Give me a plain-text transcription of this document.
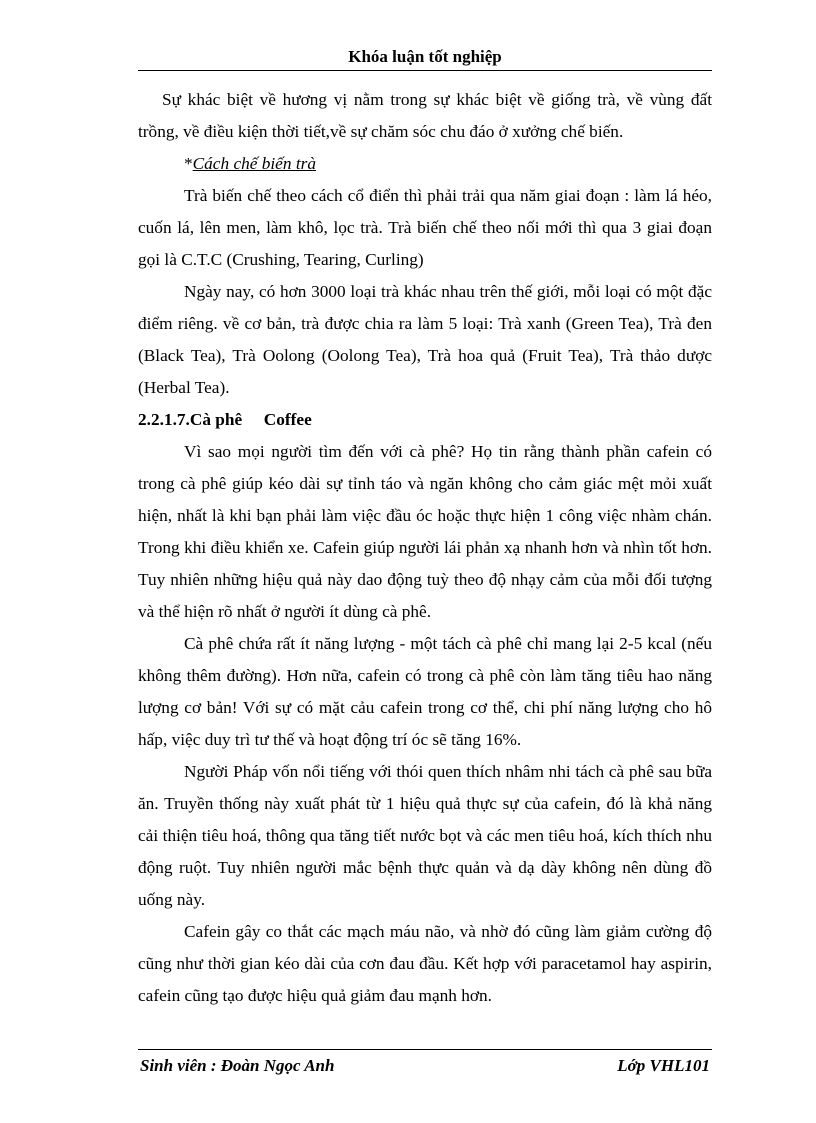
Khóa luận tốt nghiệp

Sự khác biệt về hương vị nằm trong sự khác biệt về giống trà, về vùng đất trồng, về điều kiện thời tiết,về sự chăm sóc chu đáo ở xưởng chế biến.

*Cách chế biến trà

Trà biến chế theo cách cổ điển thì phải trải qua năm giai đoạn : làm lá héo, cuốn lá, lên men, làm khô, lọc trà. Trà biến chế theo nối mới thì qua 3 giai đoạn gọi là C.T.C (Crushing, Tearing, Curling)

Ngày nay, có hơn 3000 loại trà khác nhau trên thế giới, mỗi loại có một đặc điểm riêng. về cơ bản, trà được chia ra làm 5 loại: Trà xanh (Green Tea), Trà đen (Black Tea), Trà Oolong (Oolong Tea), Trà hoa quả (Fruit Tea), Trà thảo dược (Herbal Tea).

2.2.1.7.Cà phê     Coffee

Vì sao mọi người tìm đến với cà phê? Họ tin rằng thành phần cafein có trong cà phê giúp kéo dài sự tỉnh táo và ngăn không cho cảm giác mệt mỏi xuất hiện, nhất là khi bạn phải làm việc đầu óc hoặc thực hiện 1 công việc nhàm chán. Trong khi điều khiển xe. Cafein giúp người lái phản xạ nhanh hơn và nhìn tốt hơn. Tuy nhiên những hiệu quả này dao động tuỳ theo độ nhạy cảm của mỗi đối tượng và thể hiện rõ nhất ở người ít dùng cà phê.

Cà phê chứa rất ít năng lượng - một tách cà phê chỉ mang lại 2-5 kcal (nếu không thêm đường). Hơn nữa, cafein có trong cà phê còn làm tăng tiêu hao năng lượng cơ bản! Với sự có mặt cảu cafein trong cơ thể, chi phí năng lượng cho hô hấp, việc duy trì tư thế và hoạt động trí óc sẽ tăng 16%.

Người Pháp vốn nổi tiếng với thói quen thích nhâm nhi tách cà phê sau bữa ăn. Truyền thống này xuất phát từ 1 hiệu quả thực sự của cafein, đó là khả năng cải thiện tiêu hoá, thông qua tăng tiết nước bọt và các men tiêu hoá, kích thích nhu động ruột. Tuy nhiên người mắc bệnh thực quản và dạ dày không nên dùng đồ uống này.

Cafein gây co thắt các mạch máu não, và nhờ đó cũng làm giảm cường độ cũng như thời gian kéo dài của cơn đau đầu. Kết hợp với paracetamol hay aspirin, cafein cũng tạo được hiệu quả giảm đau mạnh hơn.

Sinh viên : Đoàn Ngọc Anh	Lớp VHL101
